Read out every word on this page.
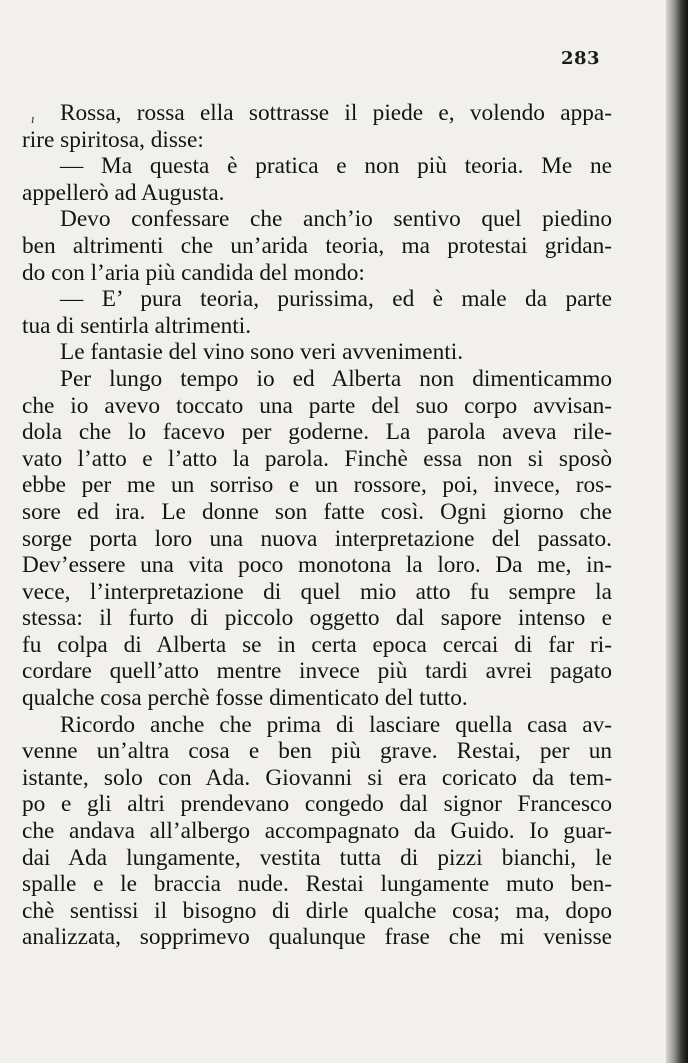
283
ı	Rossa, rossa ella sottrasse il piede e, volendo appa-
rire spiritosa, disse:
— Ma questa è pratica e non più teoria. Me ne
appellerò ad Augusta.
Devo confessare che anch’io sentivo quel piedino
ben altrimenti che un’arida teoria, ma protestai gridan-
do con l’aria più candida del mondo:
— E’ pura teoria, purissima, ed è male da parte
tua di sentirla altrimenti.
Le fantasie del vino sono veri avvenimenti.
Per lungo tempo io ed Alberta non dimenticammo
che io avevo toccato una parte del suo corpo avvisan-
dola che lo facevo per goderne. La parola aveva rile-
vato l’atto e l’atto la parola. Finchè essa non si sposò
ebbe per me un sorriso e un rossore, poi, invece, ros-
sore ed ira. Le donne son fatte così. Ogni giorno che
sorge porta loro una nuova interpretazione del passato.
Dev’essere una vita poco monotona la loro. Da me, in-
vece, l’interpretazione di quel mio atto fu sempre la
stessa: il furto di piccolo oggetto dal sapore intenso e
fu colpa di Alberta se in certa epoca cercai di far ri-
cordare quell’atto mentre invece più tardi avrei pagato
qualche cosa perchè fosse dimenticato del tutto.
Ricordo anche che prima di lasciare quella casa av-
venne un’altra cosa e ben più grave. Restai, per un
istante, solo con Ada. Giovanni si era coricato da tem-
po e gli altri prendevano congedo dal signor Francesco
che andava all’albergo accompagnato da Guido. Io guar-
dai Ada lungamente, vestita tutta di pizzi bianchi, le
spalle e le braccia nude. Restai lungamente muto ben-
chè sentissi il bisogno di dirle qualche cosa; ma, dopo
analizzata, sopprimevo qualunque frase che mi venisse
